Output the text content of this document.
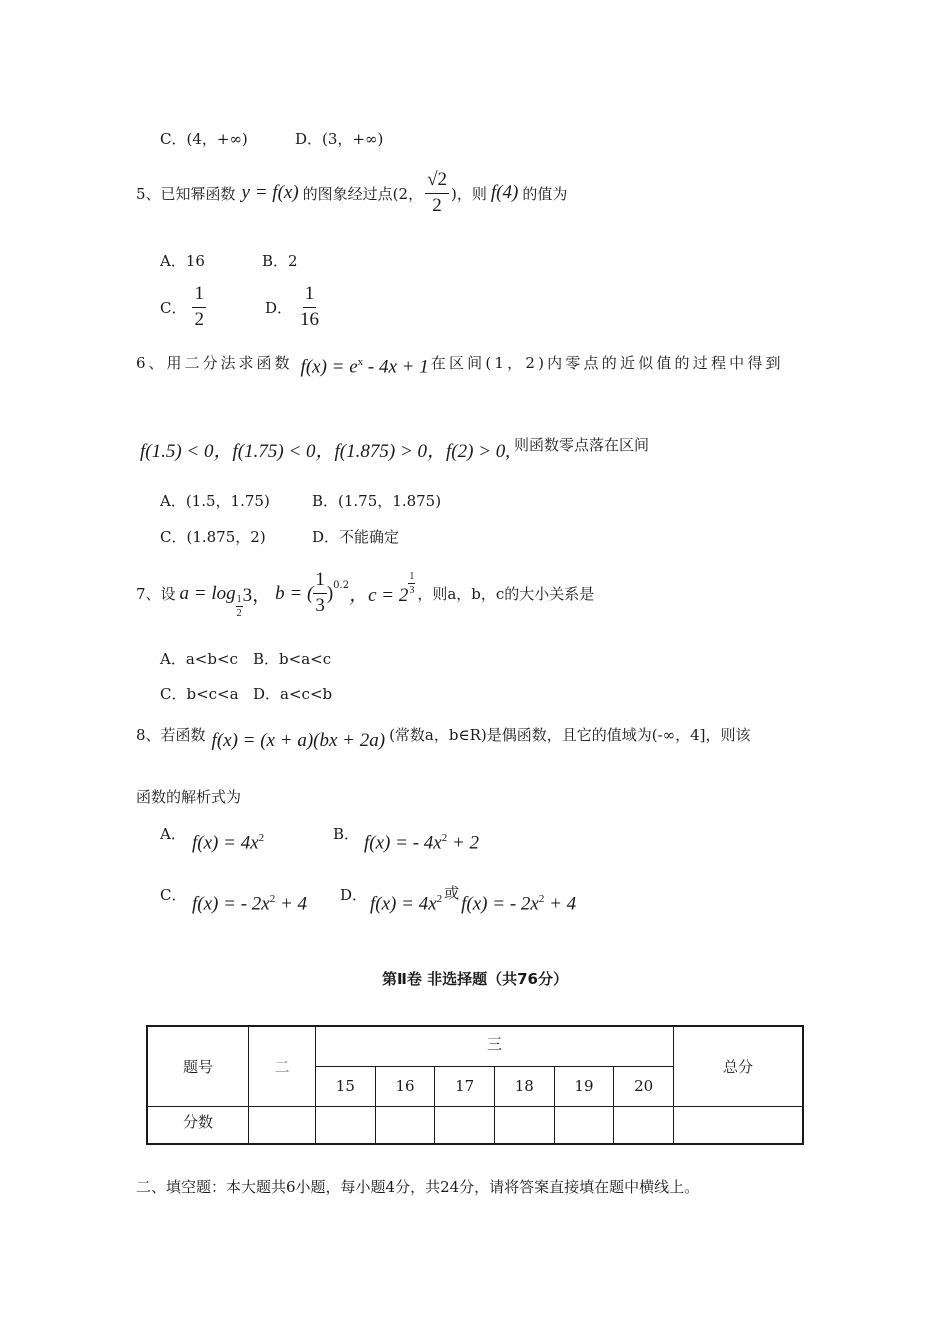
C．(4，+∞)	D．(3，+∞)
5、已知幂函数 y = f(x) 的图象经过点(2， $\frac{√2}{2}$ )，则 f(4) 的值为
A．16	B．2
C． $\frac{1}{2}$	D． $\frac{1}{16}$
6、用二分法求函数 $f(x) = e^x - 4x + 1$ 在区间(1，2)内零点的近似值的过程中得到
f(1.5) < 0，f(1.75) < 0，f(1.875) > 0，f(2) > 0, 则函数零点落在区间
A．(1.5，1.75)	B．(1.75，1.875)
C．(1.875，2)	D．不能确定
7、设 a = log
$\frac{1}{2} 3$， b = ( $\frac{1}{3}$ ) 0.2 ，$c = 2 \frac{1}{3}$ ，则a，b，c的大小关系是
A．a<b<c B．b<a<c
C．b<c<a D．a<c<b
8、若函数 f(x) = (x + a)(bx + 2a) (常数a，b∈R)是偶函数，且它的值域为(-∞，4]，则该
函数的解析式为
A． $f(x) = 4x^2$	B． f(x) = - $4x^2 + 2$
C． f(x) = - $2x^2 + 4$ D． $f(x) = 4x^2$ 或
f(x) = - $2x^2 + 4$
第Ⅱ卷 非选择题（共76分）
题号	二	三						总分
		15	16	17	18	19	20	
分数								
二、填空题：本大题共6小题，每小题4分，共24分，请将答案直接填在题中横线上。
